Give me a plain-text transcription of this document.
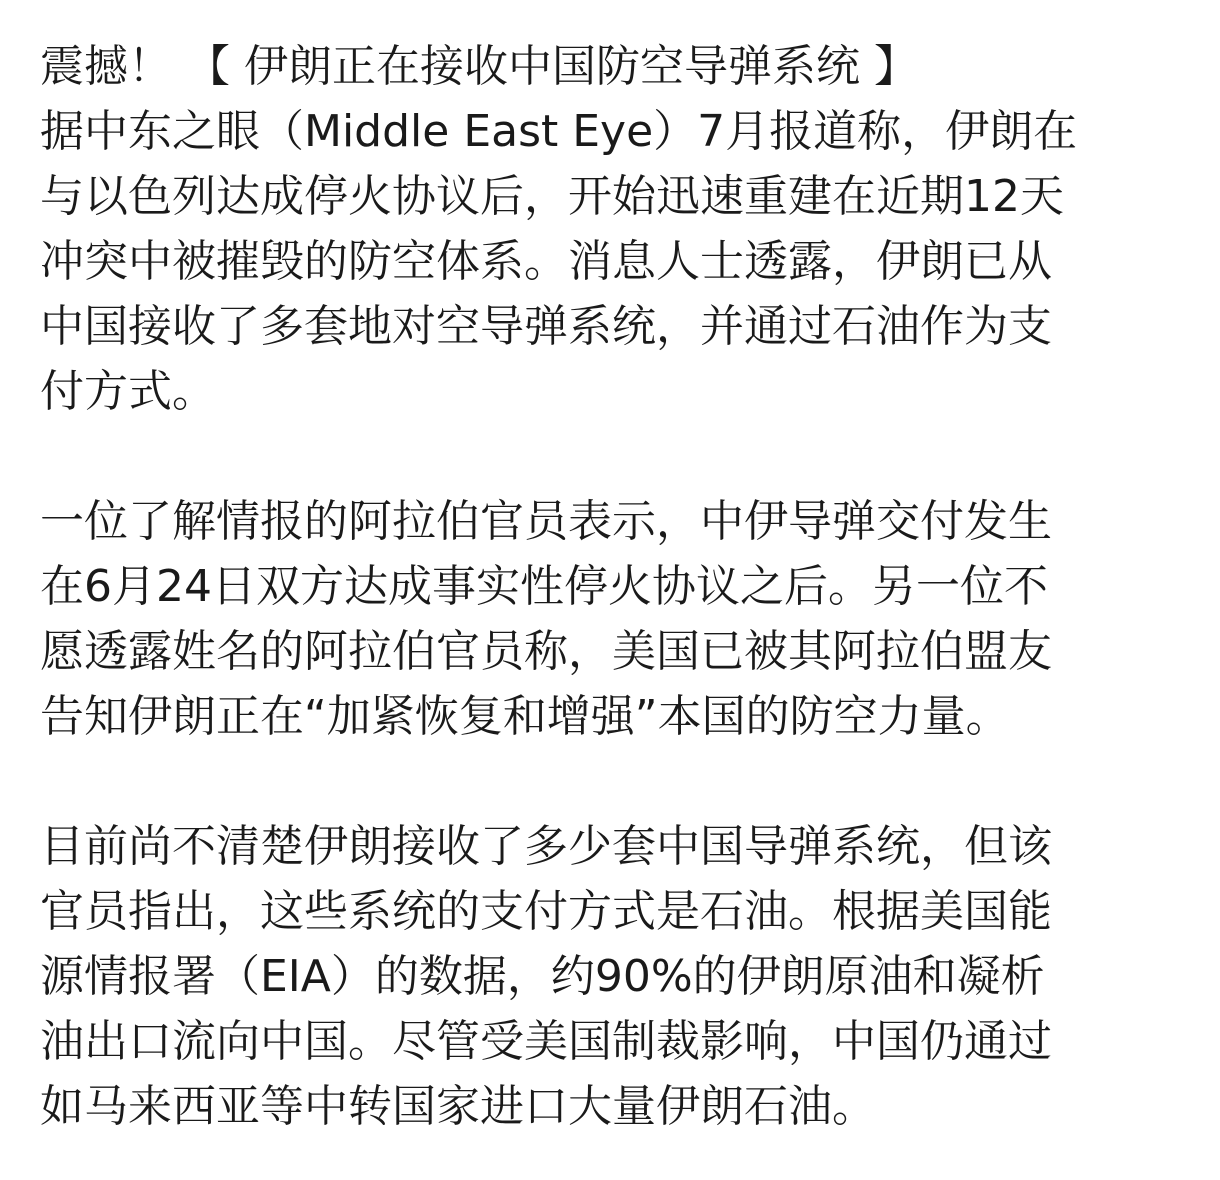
震撼！ 【 伊朗正在接收中国防空导弹系统 】

据中东之眼（Middle East Eye）7月报道称，伊朗在
与以色列达成停火协议后，开始迅速重建在近期12天
冲突中被摧毁的防空体系。消息人士透露，伊朗已从
中国接收了多套地对空导弹系统，并通过石油作为支
付方式。

一位了解情报的阿拉伯官员表示，中伊导弹交付发生
在6月24日双方达成事实性停火协议之后。另一位不
愿透露姓名的阿拉伯官员称，美国已被其阿拉伯盟友
告知伊朗正在“加紧恢复和增强”本国的防空力量。

目前尚不清楚伊朗接收了多少套中国导弹系统，但该
官员指出，这些系统的支付方式是石油。根据美国能
源情报署（EIA）的数据，约90%的伊朗原油和凝析
油出口流向中国。尽管受美国制裁影响，中国仍通过
如马来西亚等中转国家进口大量伊朗石油。
